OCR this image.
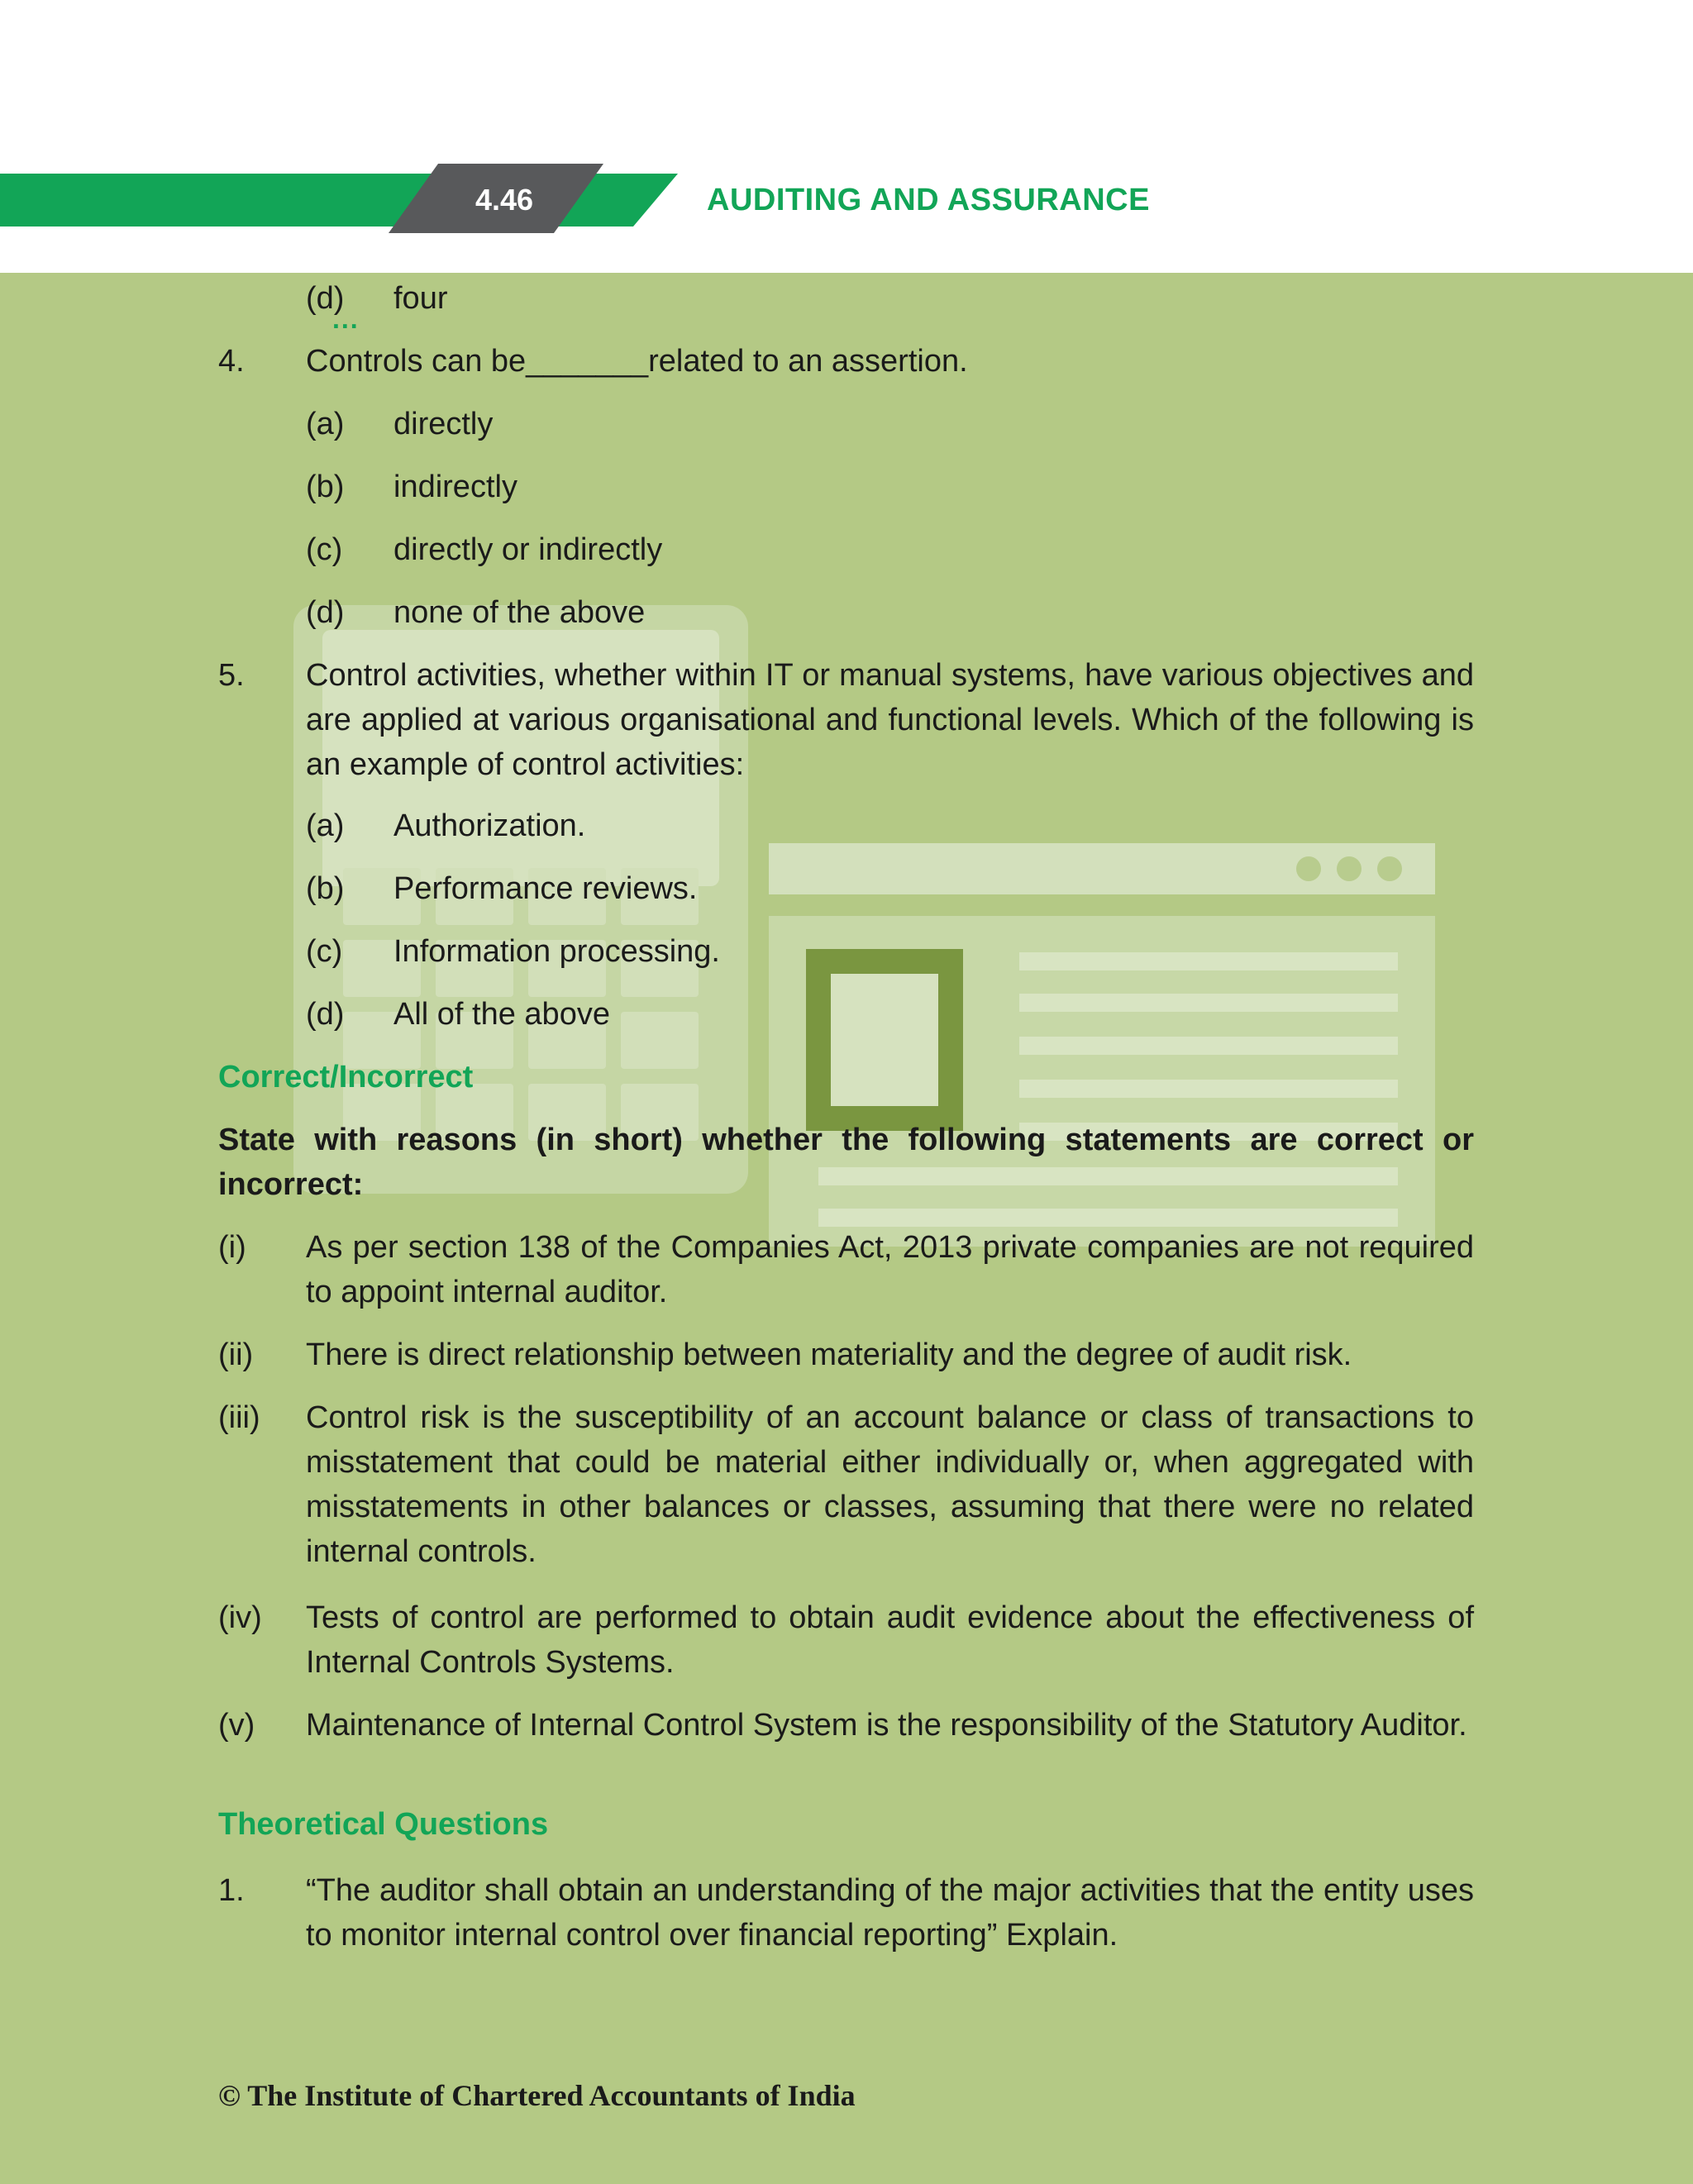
4.46	AUDITING AND ASSURANCE
(d) four
...
4. Controls can be_______related to an assertion.
(a) directly
(b) indirectly
(c) directly or indirectly
(d) none of the above
5. Control activities, whether within IT or manual systems, have various objectives and are applied at various organisational and functional levels. Which of the following is an example of control activities:
(a) Authorization.
(b) Performance reviews.
(c) Information processing.
(d) All of the above
Correct/Incorrect
State with reasons (in short) whether the following statements are correct or incorrect:
(i) As per section 138 of the Companies Act, 2013 private companies are not required to appoint internal auditor.
(ii) There is direct relationship between materiality and the degree of audit risk.
(iii) Control risk is the susceptibility of an account balance or class of transactions to misstatement that could be material either individually or, when aggregated with misstatements in other balances or classes, assuming that there were no related internal controls.
(iv) Tests of control are performed to obtain audit evidence about the effectiveness of Internal Controls Systems.
(v) Maintenance of Internal Control System is the responsibility of the Statutory Auditor.
Theoretical Questions
1. “The auditor shall obtain an understanding of the major activities that the entity uses to monitor internal control over financial reporting” Explain.
© The Institute of Chartered Accountants of India
